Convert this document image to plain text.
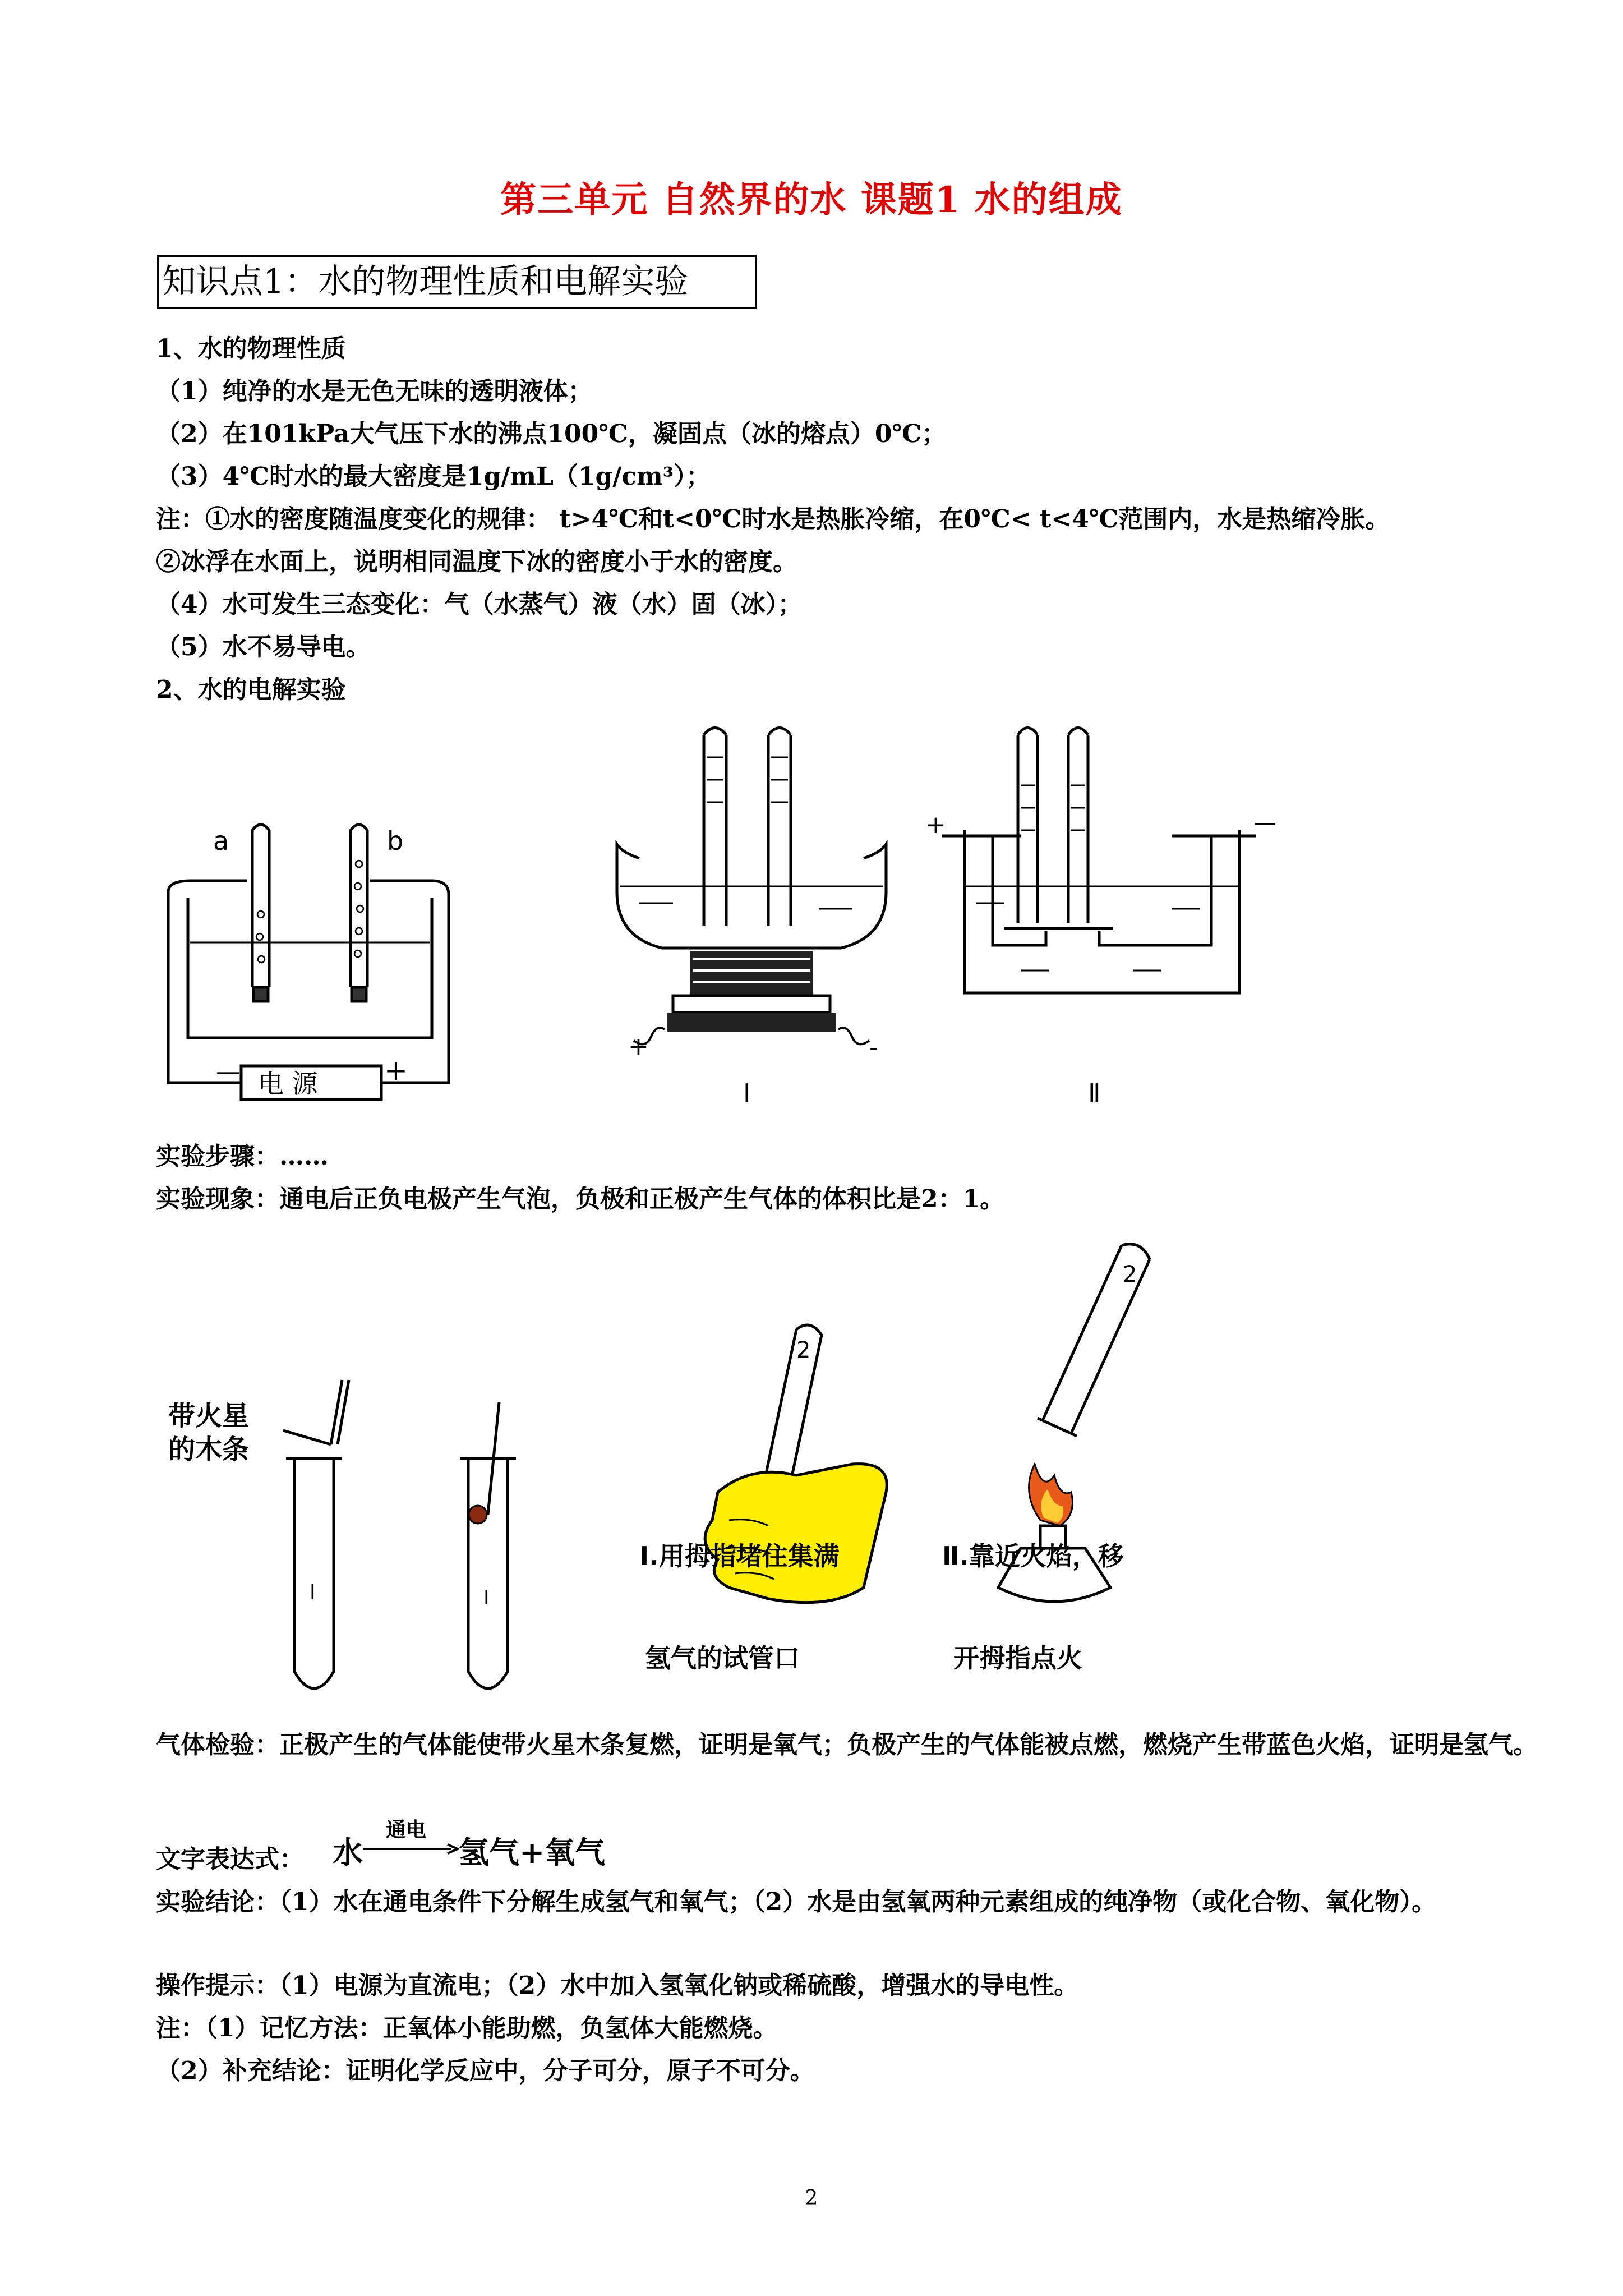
第三单元 自然界的水 课题1 水的组成
知识点1：水的物理性质和电解实验
1、水的物理性质
（1）纯净的水是无色无味的透明液体；
（2）在101kPa大气压下水的沸点100℃，凝固点（冰的熔点）0℃；
（3）4℃时水的最大密度是1g/mL（1g/cm³）；
注：①水的密度随温度变化的规律： t>4℃和t<0℃时水是热胀冷缩，在0℃< t<4℃范围内，水是热缩冷胀。
②冰浮在水面上，说明相同温度下冰的密度小于水的密度。
（4）水可发生三态变化：气（水蒸气）液（水）固（冰）；
（5）水不易导电。
2、水的电解实验
a	b
电 源
—	+
+	-
Ⅰ
+	—
Ⅱ
实验步骤：……
实验现象：通电后正负电极产生气泡，负极和正极产生气体的体积比是2：1。
带火星
的木条
Ⅰ	Ⅰ
2
2
Ⅰ.用拇指堵住集满	Ⅱ.靠近火焰，移
氢气的试管口	开拇指点火
气体检验：正极产生的气体能使带火星木条复燃，证明是氧气；负极产生的气体能被点燃，燃烧产生带蓝色火焰，证明是氢气。
文字表达式： 水
通电
氢气+氧气
实验结论：（1）水在通电条件下分解生成氢气和氧气；（2）水是由氢氧两种元素组成的纯净物（或化合物、氧化物）。
操作提示：（1）电源为直流电；（2）水中加入氢氧化钠或稀硫酸，增强水的导电性。
注：（1）记忆方法：正氧体小能助燃，负氢体大能燃烧。
（2）补充结论：证明化学反应中，分子可分，原子不可分。
2
